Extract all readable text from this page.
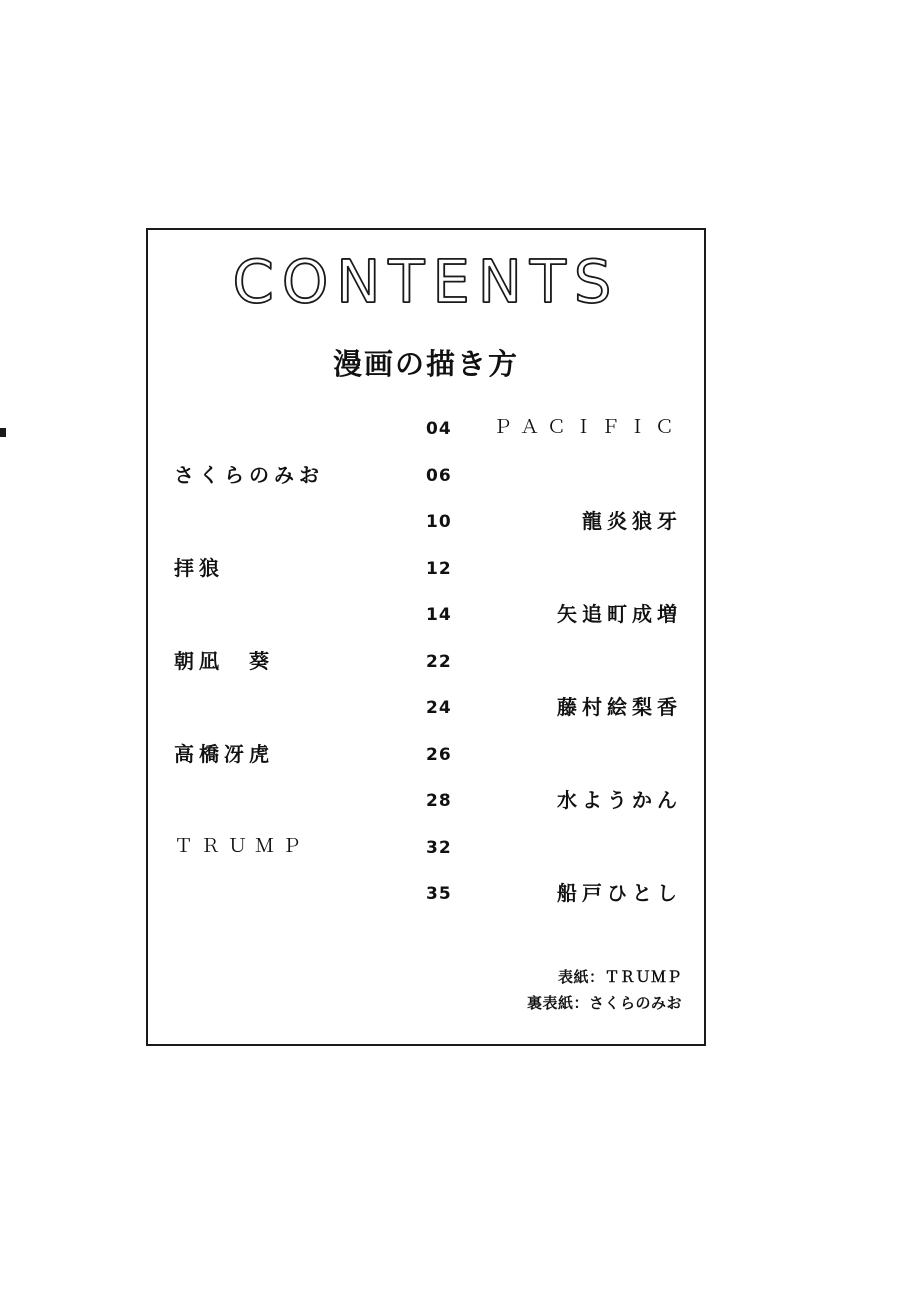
CONTENTS
漫画の描き方
04	ＰＡＣＩＦＩＣ
さくらのみお	06
10	龍炎狼牙
拝狼	12
14	矢追町成増
朝凪　葵	22
24	藤村絵梨香
高橋冴虎	26
28	水ようかん
ＴＲＵＭＰ	32
35	船戸ひとし
表紙：ＴＲＵＭＰ
裏表紙：さくらのみお
